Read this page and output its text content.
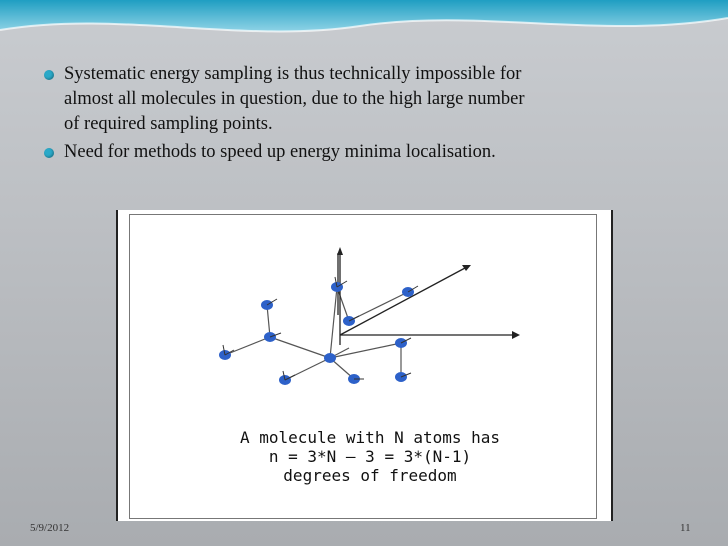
Systematic energy sampling is thus technically impossible for
almost all molecules in question, due to the high large number
of required sampling points.
Need for methods to speed up energy minima localisation.
A molecule with N atoms has
n = 3*N – 3 = 3*(N-1)
degrees of freedom
5/9/2012	11
